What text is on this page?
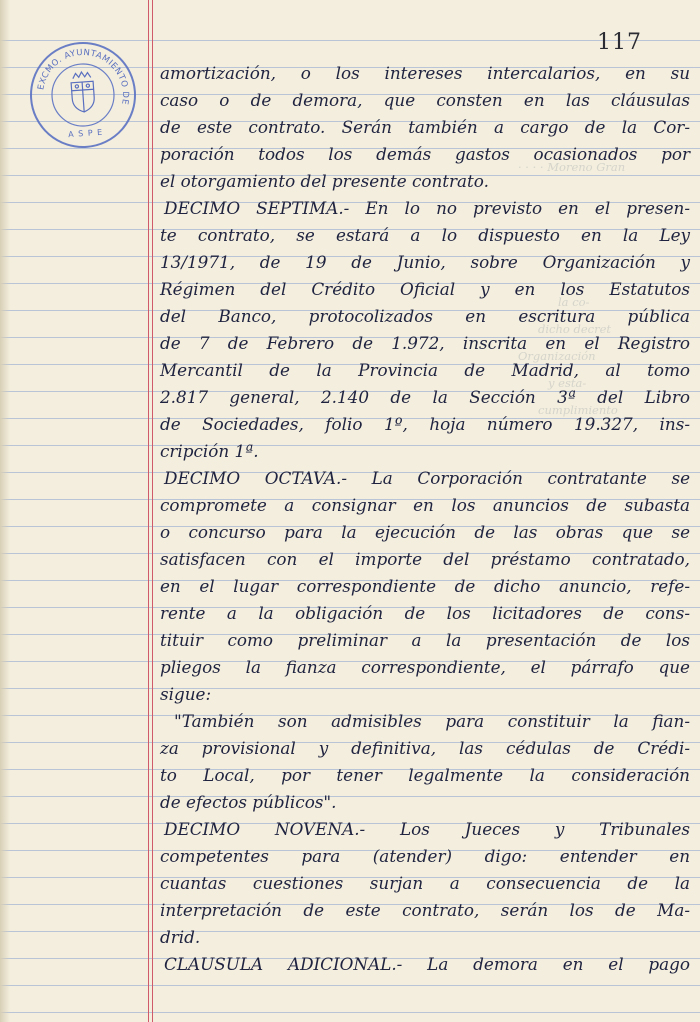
EXCMO. AYUNTAMIENTO DE
A S P E
117
· · · · Moreno Gran
la co-
dicho decret
Organización
y esta-
cumplimiento
amortización, o los intereses intercalarios, en su
caso o de demora, que consten en las cláusulas
de este contrato. Serán también a cargo de la Cor-
poración todos los demás gastos ocasionados por
el otorgamiento del presente contrato.
DECIMO SEPTIMA.- En lo no previsto en el presen-
te contrato, se estará a lo dispuesto en la Ley
13/1971, de 19 de Junio, sobre Organización y
Régimen del Crédito Oficial y en los Estatutos
del Banco, protocolizados en escritura pública
de 7 de Febrero de 1.972, inscrita en el Registro
Mercantil de la Provincia de Madrid, al tomo
2.817 general, 2.140 de la Sección 3ª del Libro
de Sociedades, folio 1º, hoja número 19.327, ins-
cripción 1ª.
DECIMO OCTAVA.- La Corporación contratante se
compromete a consignar en los anuncios de subasta
o concurso para la ejecución de las obras que se
satisfacen con el importe del préstamo contratado,
en el lugar correspondiente de dicho anuncio, refe-
rente a la obligación de los licitadores de cons-
tituir como preliminar a la presentación de los
pliegos la fianza correspondiente, el párrafo que
sigue:
"También son admisibles para constituir la fian-
za provisional y definitiva, las cédulas de Crédi-
to Local, por tener legalmente la consideración
de efectos públicos".
DECIMO NOVENA.- Los Jueces y Tribunales
competentes para (atender) digo: entender en
cuantas cuestiones surjan a consecuencia de la
interpretación de este contrato, serán los de Ma-
drid.
CLAUSULA ADICIONAL.- La demora en el pago
